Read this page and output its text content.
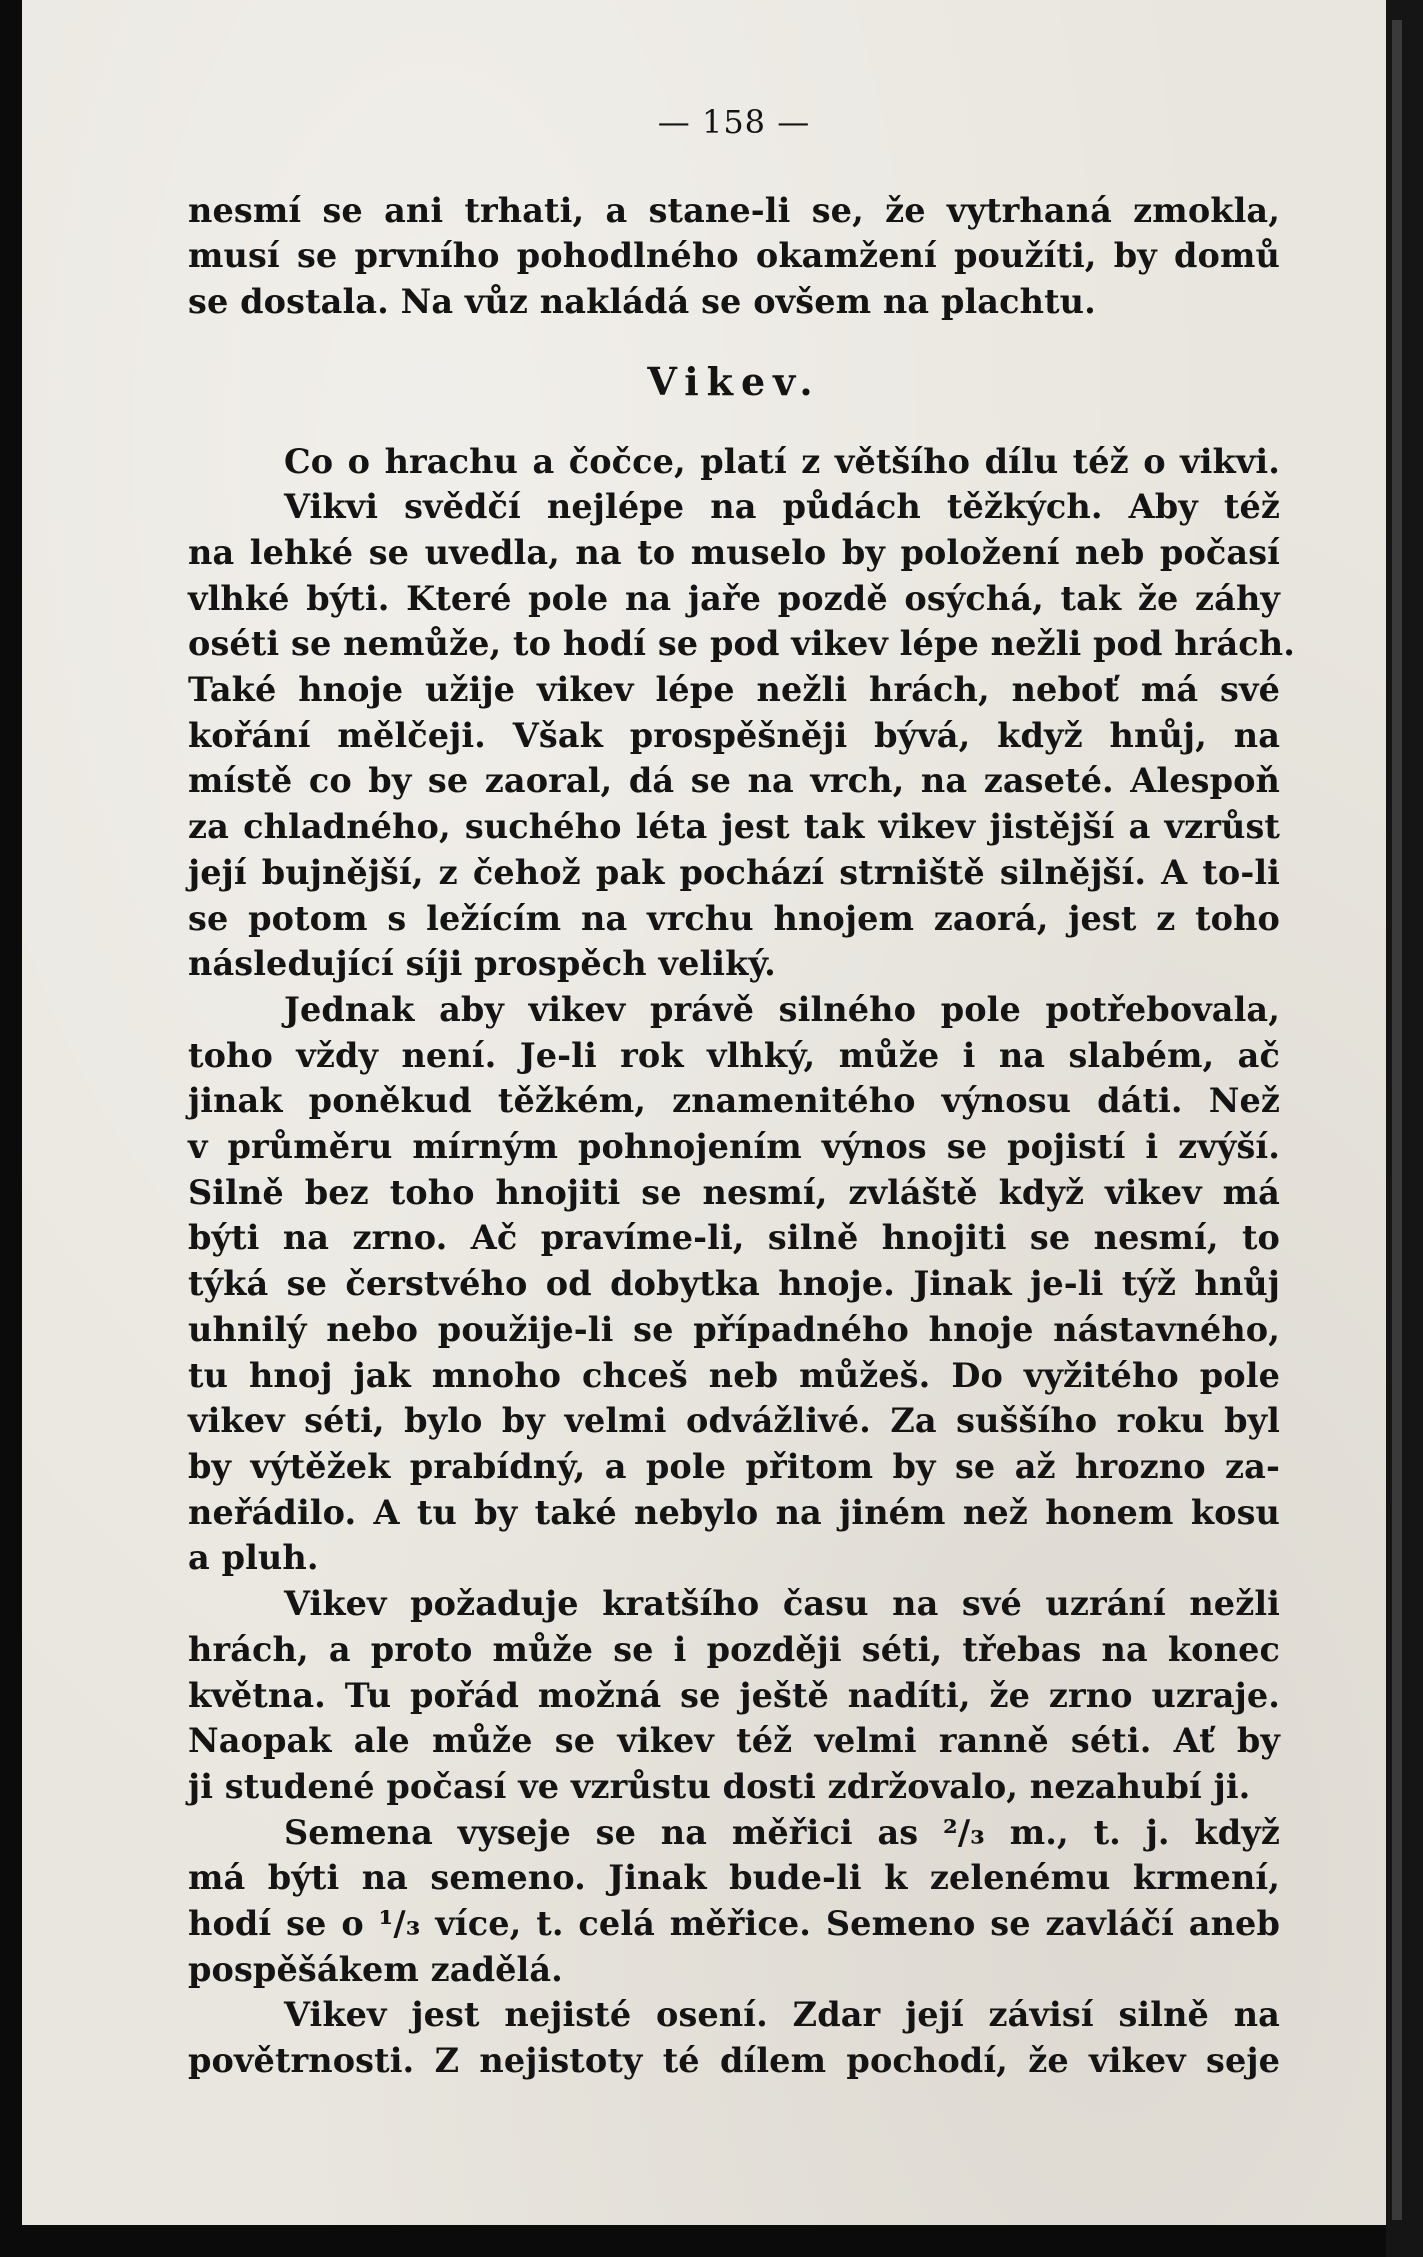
— 158 —

nesmí se ani trhati, a stane-li se, že vytrhaná zmokla,
musí se prvního pohodlného okamžení použíti, by domů
se dostala. Na vůz nakládá se ovšem na plachtu.

Vikev.

Co o hrachu a čočce, platí z většího dílu též o vikvi.
Vikvi svědčí nejlépe na půdách těžkých. Aby též
na lehké se uvedla, na to muselo by položení neb počasí
vlhké býti. Které pole na jaře pozdě osýchá, tak že záhy
oséti se nemůže, to hodí se pod vikev lépe nežli pod hrách.
Také hnoje užije vikev lépe nežli hrách, neboť má své
kořání mělčeji. Však prospěšněji bývá, když hnůj, na
místě co by se zaoral, dá se na vrch, na zaseté. Alespoň
za chladného, suchého léta jest tak vikev jistější a vzrůst
její bujnější, z čehož pak pochází strniště silnější. A to-li
se potom s ležícím na vrchu hnojem zaorá, jest z toho
následující síji prospěch veliký.

Jednak aby vikev právě silného pole potřebovala,
toho vždy není. Je-li rok vlhký, může i na slabém, ač
jinak poněkud těžkém, znamenitého výnosu dáti. Než
v průměru mírným pohnojením výnos se pojistí i zvýší.
Silně bez toho hnojiti se nesmí, zvláště když vikev má
býti na zrno. Ač pravíme-li, silně hnojiti se nesmí, to
týká se čerstvého od dobytka hnoje. Jinak je-li týž hnůj
uhnilý nebo použije-li se případného hnoje nástavného,
tu hnoj jak mnoho chceš neb můžeš. Do vyžitého pole
vikev séti, bylo by velmi odvážlivé. Za suššího roku byl
by výtěžek prabídný, a pole přitom by se až hrozno za-
neřádilo. A tu by také nebylo na jiném než honem kosu
a pluh.

Vikev požaduje kratšího času na své uzrání nežli
hrách, a proto může se i později séti, třebas na konec
května. Tu pořád možná se ještě nadíti, že zrno uzraje.
Naopak ale může se vikev též velmi ranně séti. Ať by
ji studené počasí ve vzrůstu dosti zdržovalo, nezahubí ji.

Semena vyseje se na měřici as ²/₃ m., t. j. když
má býti na semeno. Jinak bude-li k zelenému krmení,
hodí se o ¹/₃ více, t. celá měřice. Semeno se zavláčí aneb
pospěšákem zadělá.

Vikev jest nejisté osení. Zdar její závisí silně na
povětrnosti. Z nejistoty té dílem pochodí, že vikev seje
